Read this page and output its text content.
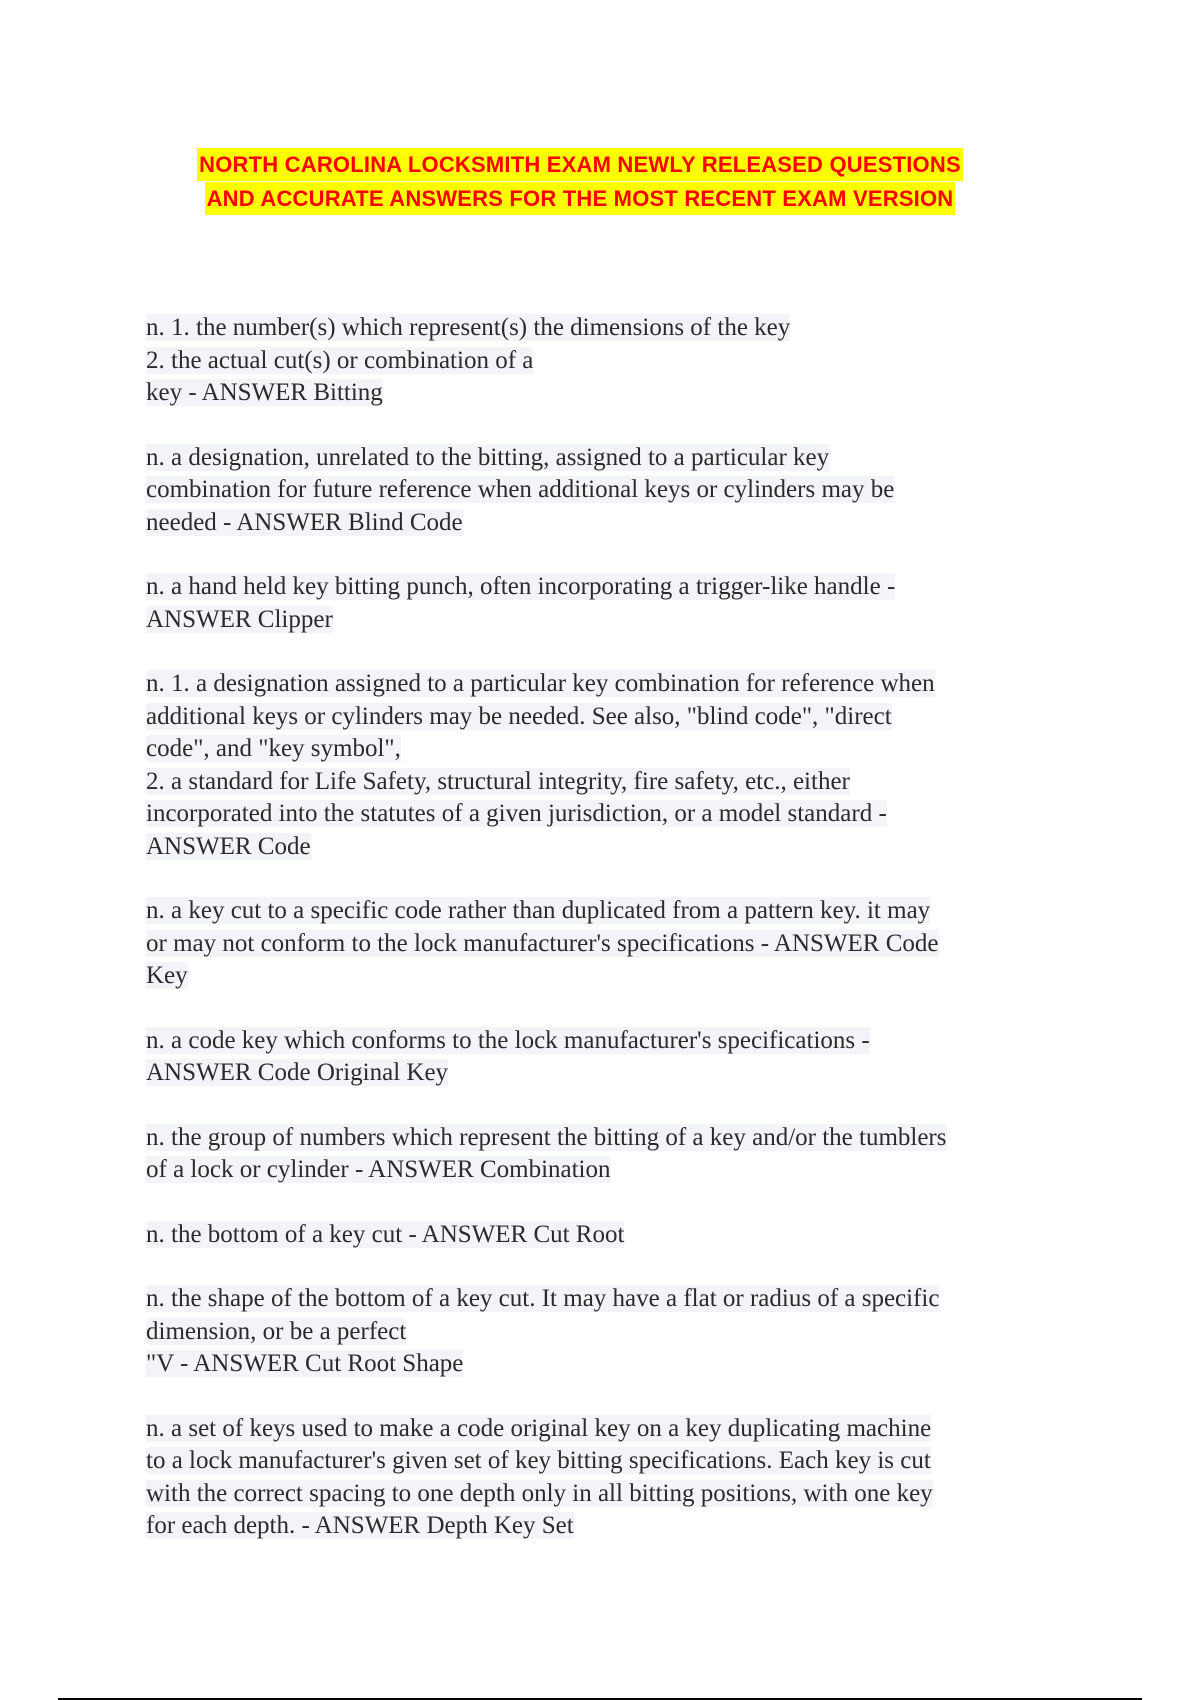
NORTH CAROLINA LOCKSMITH EXAM NEWLY RELEASED QUESTIONS
AND ACCURATE ANSWERS FOR THE MOST RECENT EXAM VERSION
n. 1. the number(s) which represent(s) the dimensions of the key
2. the actual cut(s) or combination of a
key - ANSWER Bitting
n. a designation, unrelated to the bitting, assigned to a particular key
combination for future reference when additional keys or cylinders may be
needed - ANSWER Blind Code
n. a hand held key bitting punch, often incorporating a trigger-like handle -
ANSWER Clipper
n. 1. a designation assigned to a particular key combination for reference when
additional keys or cylinders may be needed. See also, "blind code", "direct
code", and "key symbol",
2. a standard for Life Safety, structural integrity, fire safety, etc., either
incorporated into the statutes of a given jurisdiction, or a model standard -
ANSWER Code
n. a key cut to a specific code rather than duplicated from a pattern key. it may
or may not conform to the lock manufacturer's specifications - ANSWER Code
Key
n. a code key which conforms to the lock manufacturer's specifications -
ANSWER Code Original Key
n. the group of numbers which represent the bitting of a key and/or the tumblers
of a lock or cylinder - ANSWER Combination
n. the bottom of a key cut - ANSWER Cut Root
n. the shape of the bottom of a key cut. It may have a flat or radius of a specific
dimension, or be a perfect
"V - ANSWER Cut Root Shape
n. a set of keys used to make a code original key on a key duplicating machine
to a lock manufacturer's given set of key bitting specifications. Each key is cut
with the correct spacing to one depth only in all bitting positions, with one key
for each depth. - ANSWER Depth Key Set
